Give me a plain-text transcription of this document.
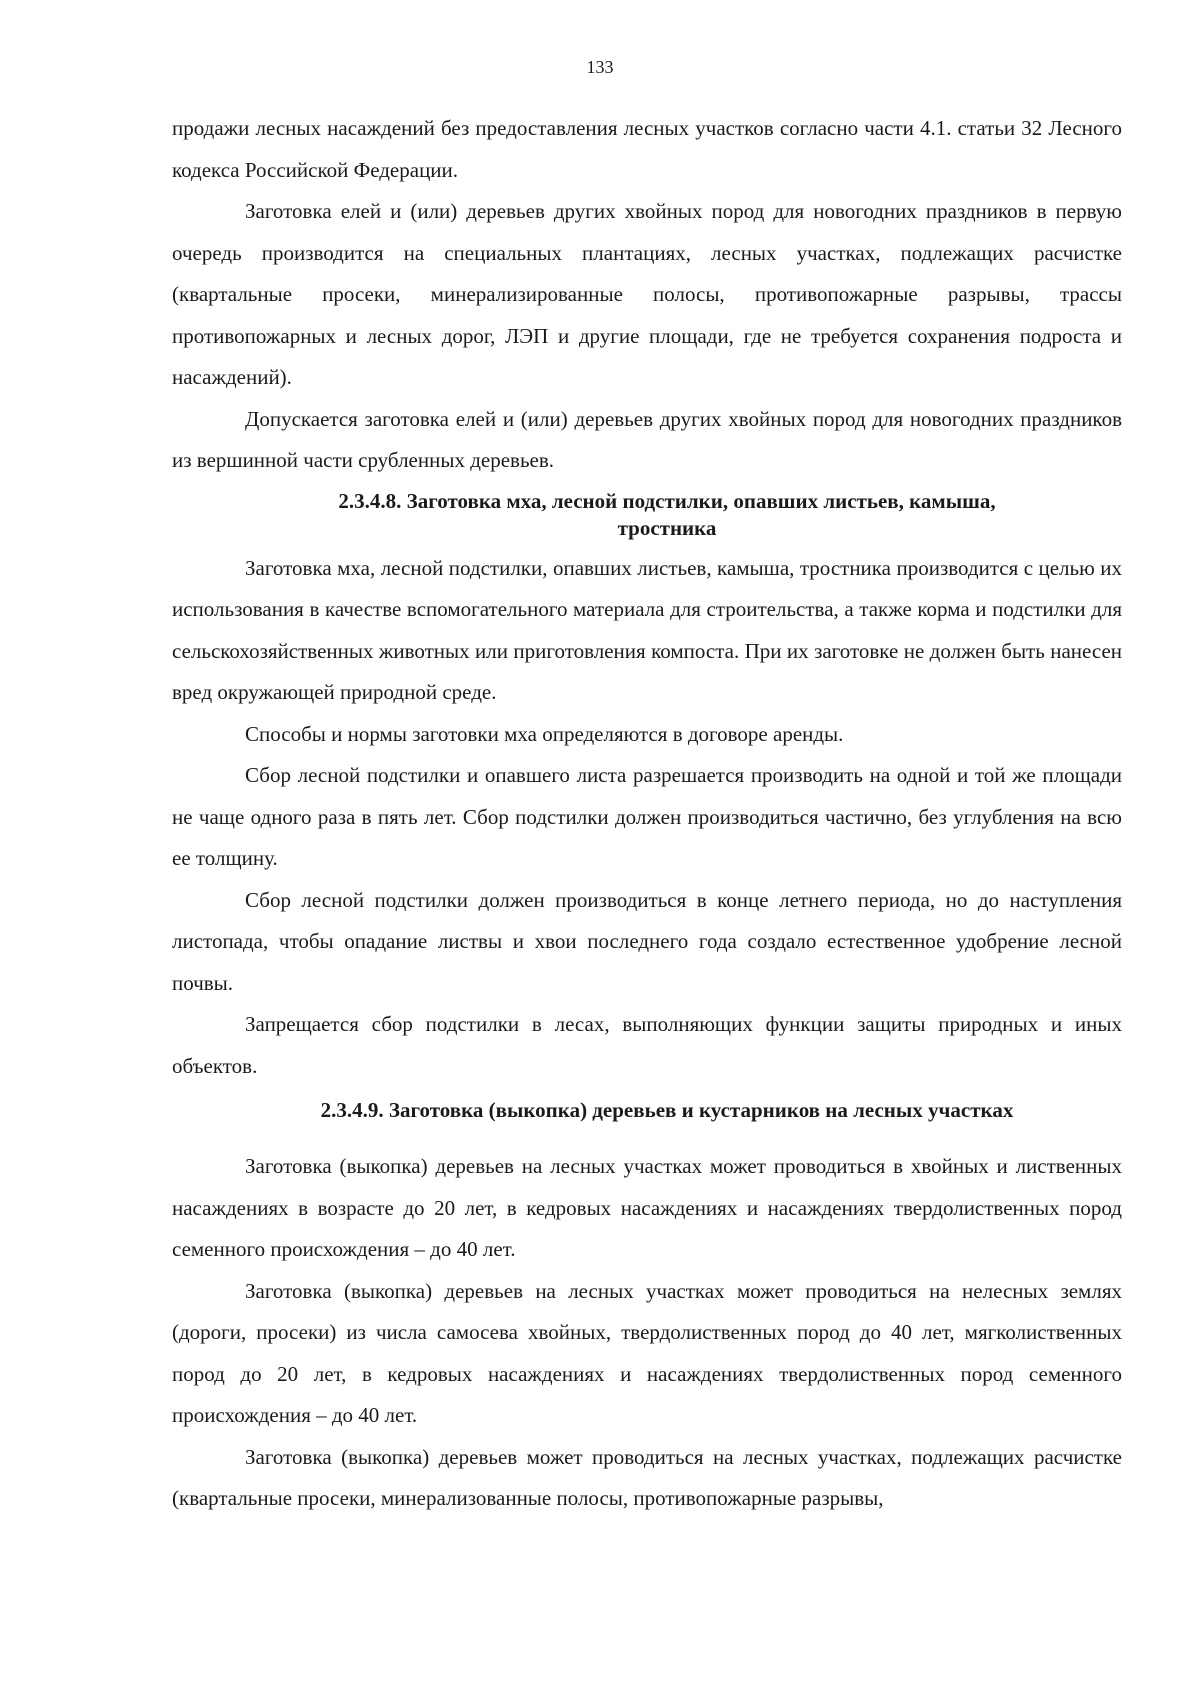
133

продажи лесных насаждений без предоставления лесных участков согласно части 4.1. статьи 32 Лесного кодекса Российской Федерации.

Заготовка елей и (или) деревьев других хвойных пород для новогодних праздников в первую очередь производится на специальных плантациях, лесных участках, подлежащих расчистке (квартальные просеки, минерализированные полосы, противопожарные разрывы, трассы противопожарных и лесных дорог, ЛЭП и другие площади, где не требуется сохранения подроста и насаждений).

Допускается заготовка елей и (или) деревьев других хвойных пород для новогодних праздников из вершинной части срубленных деревьев.

2.3.4.8. Заготовка мха, лесной подстилки, опавших листьев, камыша,
тростника

Заготовка мха, лесной подстилки, опавших листьев, камыша, тростника производится с целью их использования в качестве вспомогательного материала для строительства, а также корма и подстилки для сельскохозяйственных животных или приготовления компоста. При их заготовке не должен быть нанесен вред окружающей природной среде.

Способы и нормы заготовки мха определяются в договоре аренды.

Сбор лесной подстилки и опавшего листа разрешается производить на одной и той же площади не чаще одного раза в пять лет. Сбор подстилки должен производиться частично, без углубления на всю ее толщину.

Сбор лесной подстилки должен производиться в конце летнего периода, но до наступления листопада, чтобы опадание листвы и хвои последнего года создало естественное удобрение лесной почвы.

Запрещается сбор подстилки в лесах, выполняющих функции защиты природных и иных объектов.

2.3.4.9. Заготовка (выкопка) деревьев и кустарников на лесных участках

Заготовка (выкопка) деревьев на лесных участках может проводиться в хвойных и лиственных насаждениях в возрасте до 20 лет, в кедровых насаждениях и насаждениях твердолиственных пород семенного происхождения – до 40 лет.

Заготовка (выкопка) деревьев на лесных участках может проводиться на нелесных землях (дороги, просеки) из числа самосева хвойных, твердолиственных пород до 40 лет, мягколиственных пород до 20 лет, в кедровых насаждениях и насаждениях твердолиственных пород семенного происхождения – до 40 лет.

Заготовка (выкопка) деревьев может проводиться на лесных участках, подлежащих расчистке (квартальные просеки, минерализованные полосы, противопожарные разрывы,
